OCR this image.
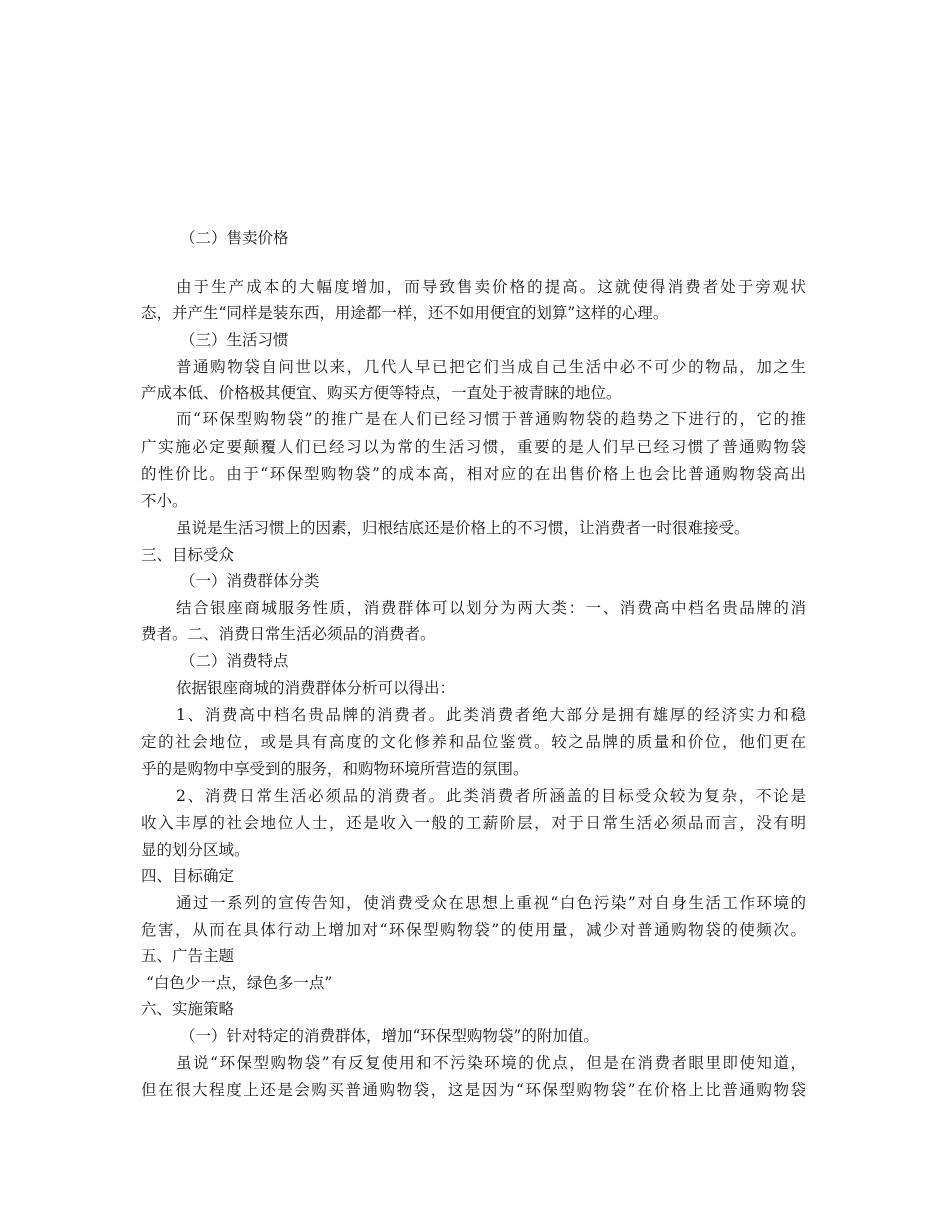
（二）售卖价格
由于生产成本的大幅度增加，而导致售卖价格的提高。这就使得消费者处于旁观状
态，并产生“同样是装东西，用途都一样，还不如用便宜的划算”这样的心理。
（三）生活习惯
普通购物袋自问世以来，几代人早已把它们当成自己生活中必不可少的物品，加之生
产成本低、价格极其便宜、购买方便等特点，一直处于被青睐的地位。
而“环保型购物袋”的推广是在人们已经习惯于普通购物袋的趋势之下进行的，它的推
广实施必定要颠覆人们已经习以为常的生活习惯，重要的是人们早已经习惯了普通购物袋
的性价比。由于“环保型购物袋”的成本高，相对应的在出售价格上也会比普通购物袋高出
不小。
虽说是生活习惯上的因素，归根结底还是价格上的不习惯，让消费者一时很难接受。
三、目标受众
（一）消费群体分类
结合银座商城服务性质，消费群体可以划分为两大类：一、消费高中档名贵品牌的消
费者。二、消费日常生活必须品的消费者。
（二）消费特点
依据银座商城的消费群体分析可以得出：
1、消费高中档名贵品牌的消费者。此类消费者绝大部分是拥有雄厚的经济实力和稳
定的社会地位，或是具有高度的文化修养和品位鉴赏。较之品牌的质量和价位，他们更在
乎的是购物中享受到的服务，和购物环境所营造的氛围。
2、消费日常生活必须品的消费者。此类消费者所涵盖的目标受众较为复杂，不论是
收入丰厚的社会地位人士，还是收入一般的工薪阶层，对于日常生活必须品而言，没有明
显的划分区域。
四、目标确定
通过一系列的宣传告知，使消费受众在思想上重视“白色污染”对自身生活工作环境的
危害，从而在具体行动上增加对“环保型购物袋”的使用量，减少对普通购物袋的使频次。
五、广告主题
“白色少一点，绿色多一点”
六、实施策略
（一）针对特定的消费群体，增加“环保型购物袋”的附加值。
虽说“环保型购物袋”有反复使用和不污染环境的优点，但是在消费者眼里即使知道，
但在很大程度上还是会购买普通购物袋，这是因为“环保型购物袋”在价格上比普通购物袋
